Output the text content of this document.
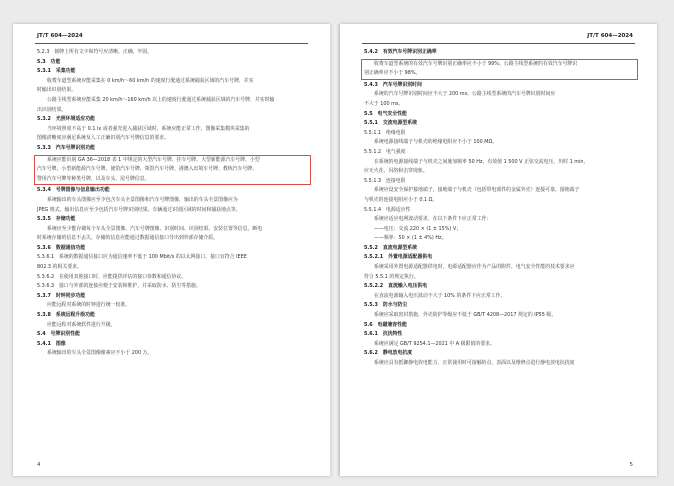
JT/T 604—2024
5.2.3　铭牌上所有文字和符号应清晰、正确、牢固。
5.3　功能
5.3.1　采集功能
收费车道型系统应能采集在 0 km/h～60 km/h 的速度行驶通过系统捕获区域的汽车号牌，并实
时输出识别结果。
公路主线型系统应能采集 20 km/h～160 km/h 以上的速度行驶通过系统捕获区域的汽车号牌，并实时输
出识别结果。
5.3.2　光照环境适应功能
当环境照度不高于 0.1 lx 或者强光进入捕获区域时，系统应能正常工作，图像采集模块采集的
图像清晰度应满足系统及人工正确识别汽车号牌信息的要求。
5.3.3　汽车号牌识别功能
系统应能识别 GA 36—2018 表 1 中规定的大型汽车号牌、挂车号牌、大型新能源汽车号牌、小型
汽车号牌、小型新能源汽车号牌、使馆汽车号牌、领馆汽车号牌、港澳入出境车号牌、教练汽车号牌、
警用汽车号牌等种类号牌，以及车头、尾号牌信息。
5.3.4　号牌图像与信息输出功能
系统输出的车头图像应至少包含车头全景图像和汽车号牌图像，输出的车头全景图像应为
JPEG 格式，输出信息应至少包括汽车号牌识别结果、车辆通过识别区域的时间和捕获地点等。
5.3.5　存储功能
系统应至少能存储每个车头全景图像、汽车号牌图像、识别时间、识别结果、安装位置等信息，断电
时系统存储的信息不丢失。存储的信息应能通过数据通信接口导出到外部存储介质。
5.3.6　数据通信功能
5.3.6.1　系统的数据通信接口应为通信速率不低于 100 Mbit/s 的以太网接口，接口宜符合 IEEE
802.3 的相关要求。
5.3.6.2　在使用其他接口时，应能提供评估的接口参数和通信协议。
5.3.6.3　接口与外部的连接应便于安装和维护，并采取防水、防尘等措施。
5.3.7　时钟同步功能
应能远程对系统的时钟进行统一校准。
5.3.8　系统远程升级功能
应能远程对系统软件进行升级。
5.4　号牌识别性能
5.4.1　图像
系统输出的车头全景图像像素应不小于 200 万。
4
JT/T 604—2024
5.4.2　有效汽车号牌识别正确率
收费车道型系统的有效汽车号牌识别正确率应不小于 99%；公路主线型系统的有效汽车号牌识
别正确率应不小于 98%。
5.4.3　汽车号牌识别时间
系统的汽车号牌识别时间应不大于 200 ms，公路主线型系统的汽车号牌识别时间应
不大于 100 ms。
5.5　电气安全性能
5.5.1　交流电源型系统
5.5.1.1　绝缘电阻
系统电源接线端子与机壳的绝缘电阻应不小于 100 MΩ。
5.5.1.2　电气强度
在系统的电源接线端子与机壳之间施加频率 50 Hz、有效值 1 500 V 正弦交流电压，历时 1 min，
应无火花、闪络和击穿现象。
5.5.1.3　连接电阻
系统应设安全保护接地端子，接地端子与机壳（包括带电部件的金属外壳）连接可靠，接地端子
与机壳的连接电阻应小于 0.1 Ω。
5.5.1.4　电源适应性
系统应适应电网波动要求，在以下条件下应正常工作：
——电压：交流 220 × (1 ± 15%) V；
——频率：50 × (1 ± 4%) Hz。
5.5.2　直流电源型系统
5.5.2.1　外置电源适配器供电
系统采用外置电源适配器供电时，电源适配器应作为产品的附件，电气安全性能的技术要求应
符合 5.5.1 的规定执行。
5.5.2.2　直流输入电压供电
在直流电源输入电压波动不大于 10% 的条件下应正常工作。
5.5.3　防水与防尘
系统应采取密封措施，外壳防护等级应不低于 GB/T 4208—2017 规定的 IP55 级。
5.6　电磁兼容性能
5.6.1　抗扰特性
系统应满足 GB/T 9254.1—2021 中 A 级限值的要求。
5.6.2　静电放电抗度
系统应具有抵御静电放电能力，正常使用时可接触的点、表面以及维修点进行静电放电抗扰度
5
